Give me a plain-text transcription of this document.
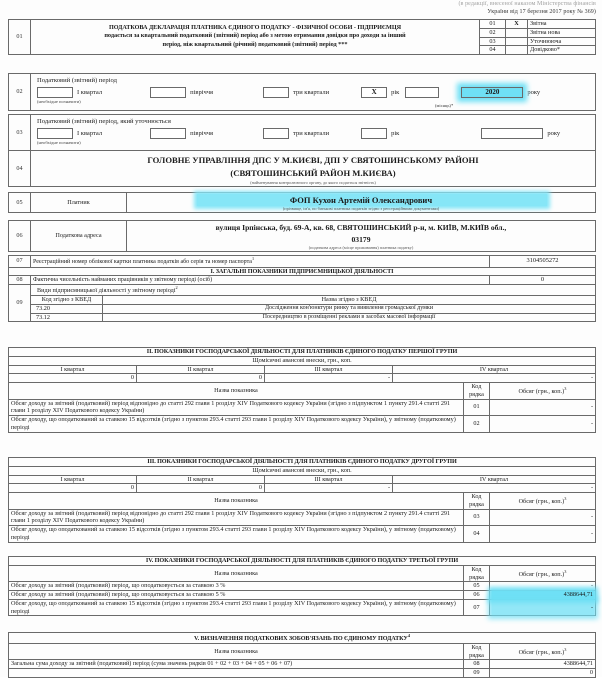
(в редакції, внесеної наказом Міністерства фінансів
України від 17 березня 2017 року № 369)
01	ПОДАТКОВА ДЕКЛАРАЦІЯ ПЛАТНИКА ЄДИНОГО ПОДАТКУ - ФІЗИЧНОЇ ОСОБИ - ПІДПРИЄМЦЯ
подається за квартальний податковий (звітний) період або з метою отримання довідки про доходи за інший
період, ніж квартальний (річний) податковий (звітний) період ***	01	X	Звітна
		02		Звітна нова
		03		Уточнююча
		04		Довідково*
02	
Податковий (звітний) період
I квартал	півріччя	три квартали	X	рік	2020	року
(необхідне позначити)
(місяць)*
03	
Податковий (звітний) період, який уточнюється
I квартал	півріччя	три квартали	рік	року
(необхідне позначити)
04	
ГОЛОВНЕ УПРАВЛІННЯ ДПС У М.КИЄВІ, ДПІ У СВЯТОШИНСЬКОМУ РАЙОНІ
(СВЯТОШИНСЬКИЙ РАЙОН М.КИЄВА)
(найменування контролюючого органу, до якого подається звітність)
05	Платник	ФОП Кухон Артемій Олександрович
(прізвище, ім'я, по батькові платника податків згідно з реєстраційними документами)
06	Податкова адреса	
вулиця Ірпінська, буд. 69-А, кв. 68, СВЯТОШИНСЬКИЙ р-н, м. КИЇВ, М.КИЇВ обл.,
03179
(податкова адреса (місце проживання) платника податку)
07	Реєстраційний номер облікової картки платника податків або серія та номер паспорта$^1$		3104505272
I. ЗАГАЛЬНІ ПОКАЗНИКИ ПІДПРИЄМНИЦЬКОЇ ДІЯЛЬНОСТІ			
08	Фактична чисельність найманих працівників у звітному періоді (осіб)		0
09	Види підприємницької діяльності у звітному періоді$^2$
	Код згідно з КВЕД	Назва згідно з КВЕД	
	73.20	Дослідження кон'юнктури ринку та виявлення громадської думки	
	73.12	Посередництво в розміщенні реклами в засобах масової інформації	
II. ПОКАЗНИКИ ГОСПОДАРСЬКОЇ ДІЯЛЬНОСТІ ДЛЯ ПЛАТНИКІВ ЄДИНОГО ПОДАТКУ ПЕРШОЇ ГРУПИ					
Щомісячні авансові внески, грн., коп.					
I квартал	II квартал	III квартал	IV квартал		
0	0	-	-		
Назва показника				Код
рядка	Обсяг (грн., коп.)$^3$
Обсяг доходу за звітний (податковий) період відповідно до статті 292 глави 1 розділу XIV Податкового кодексу України (згідно з підпунктом 1 пункту 291.4 статті 291 глави 1 розділу XIV Податкового кодексу України)				01	-
Обсяг доходу, що оподаткований за ставкою 15 відсотків (згідно з пунктом 293.4 статті 293 глави 1 розділу XIV Податкового кодексу України), у звітному (податковому) періоді				02	-
III. ПОКАЗНИКИ ГОСПОДАРСЬКОЇ ДІЯЛЬНОСТІ ДЛЯ ПЛАТНИКІВ ЄДИНОГО ПОДАТКУ ДРУГОЇ ГРУПИ					
Щомісячні авансові внески, грн., коп.					
I квартал	II квартал	III квартал	IV квартал		
0	0	-	-		
Назва показника				Код
рядка	Обсяг (грн., коп.)$^3$
Обсяг доходу за звітний (податковий) період відповідно до статті 292 глави 1 розділу XIV Податкового кодексу України (згідно з підпунктом 2 пункту 291.4 статті 291 глави 1 розділу XIV Податкового кодексу України)				03	-
Обсяг доходу, що оподаткований за ставкою 15 відсотків (згідно з пунктом 293.4 статті 293 глави 1 розділу XIV Податкового кодексу України), у звітному (податковому) періоді				04	-
IV. ПОКАЗНИКИ ГОСПОДАРСЬКОЇ ДІЯЛЬНОСТІ ДЛЯ ПЛАТНИКІВ ЄДИНОГО ПОДАТКУ ТРЕТЬОЇ ГРУПИ		
Назва показника	Код
рядка	Обсяг (грн., коп.)$^3$
Обсяг доходу за звітний (податковий) період, що оподатковується за ставкою 3 %	05	-
Обсяг доходу за звітний (податковий) період, що оподатковується за ставкою 5 %	06	4388644,71
Обсяг доходу, що оподаткований за ставкою 15 відсотків (згідно з пунктом 293.4 статті 293 глави 1 розділу XIV Податкового кодексу України), у звітному (податковому) періоді	07	-
V. ВИЗНАЧЕННЯ ПОДАТКОВИХ ЗОБОВ'ЯЗАНЬ ПО ЄДИНОМУ ПОДАТКУ$^4$
Назва показника	Код
рядка	Обсяг (грн., коп.)$^3$
Загальна сума доходу за звітний (податковий) період (сума значень рядків 01 + 02 + 03 + 04 + 05 + 06 + 07)	08	4388644,71
	09	0
